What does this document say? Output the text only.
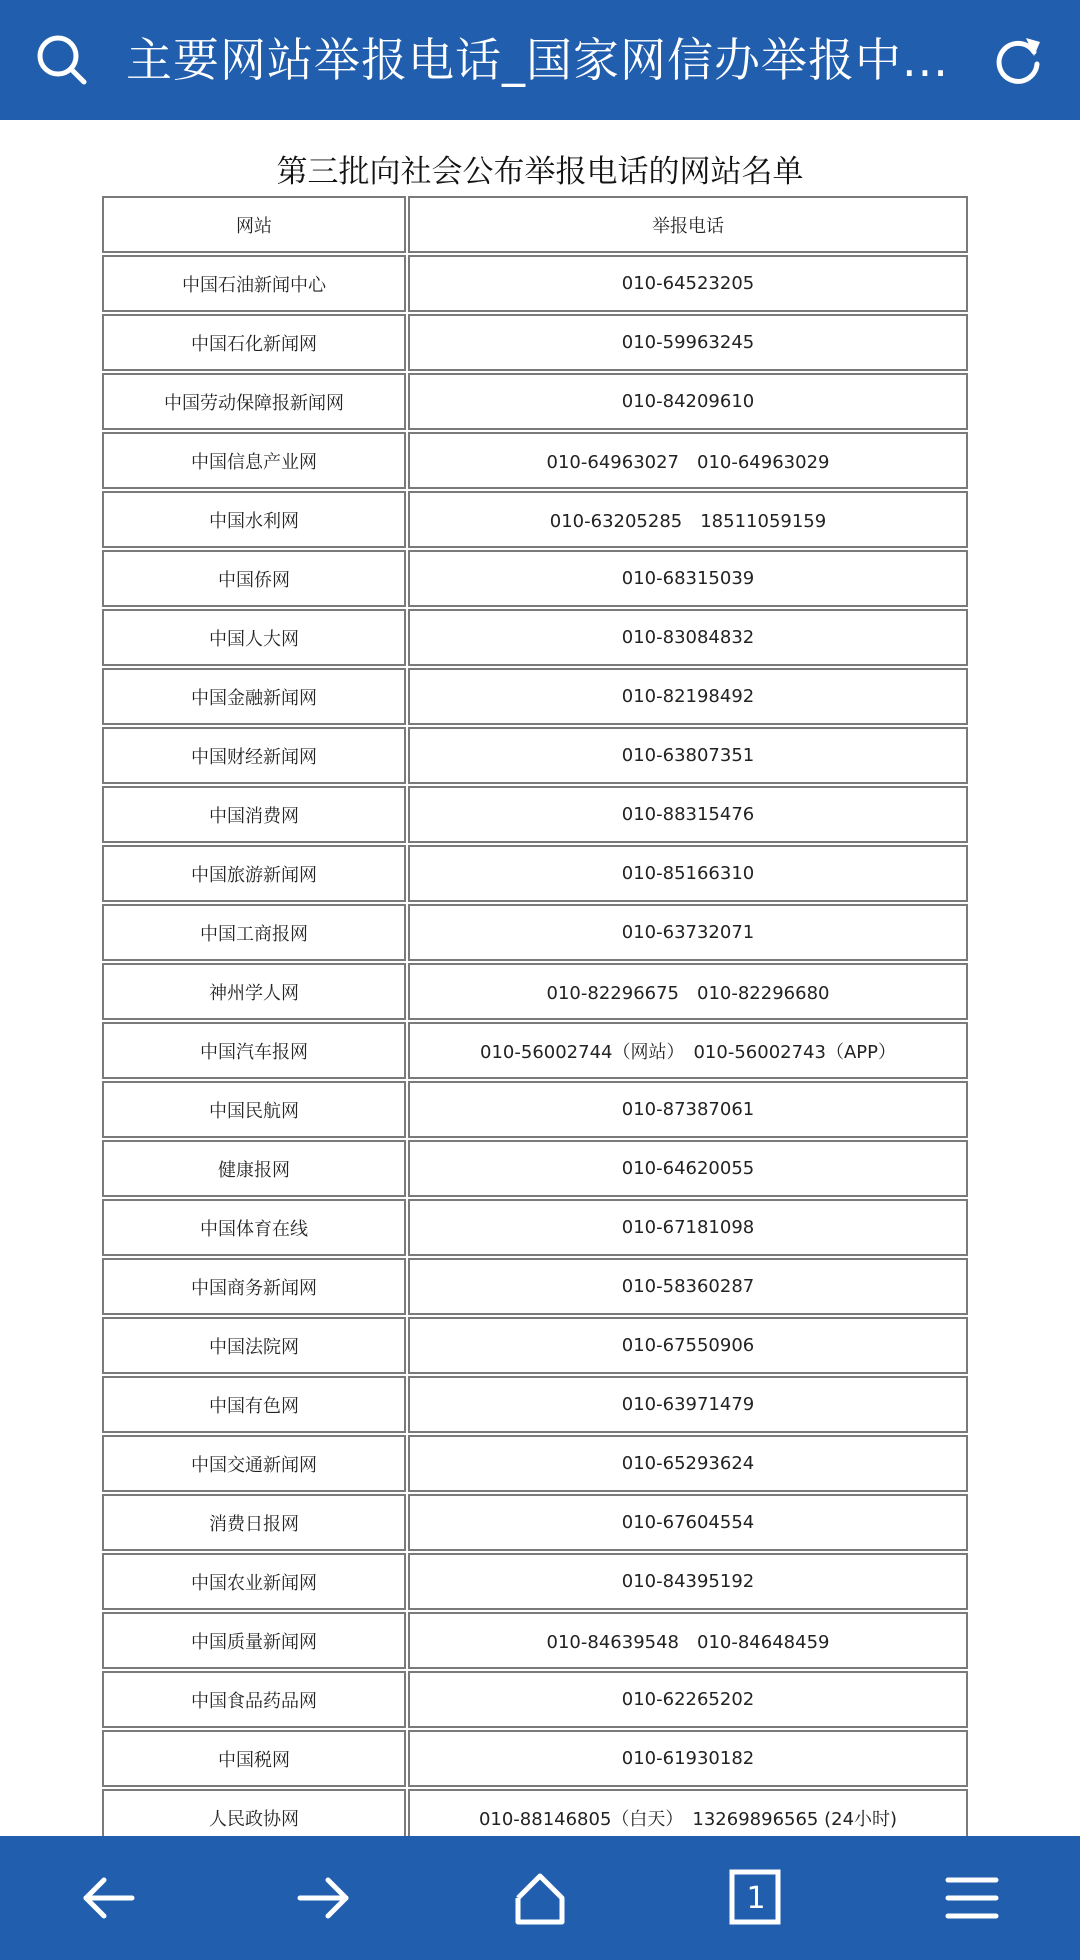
主要网站举报电话_国家网信办举报中...
第三批向社会公布举报电话的网站名单
网站	举报电话
中国石油新闻中心	010-64523205
中国石化新闻网	010-59963245
中国劳动保障报新闻网	010-84209610
中国信息产业网	010-64963027　010-64963029
中国水利网	010-63205285　18511059159
中国侨网	010-68315039
中国人大网	010-83084832
中国金融新闻网	010-82198492
中国财经新闻网	010-63807351
中国消费网	010-88315476
中国旅游新闻网	010-85166310
中国工商报网	010-63732071
神州学人网	010-82296675　010-82296680
中国汽车报网	010-56002744（网站）　010-56002743（APP）
中国民航网	010-87387061
健康报网	010-64620055
中国体育在线	010-67181098
中国商务新闻网	010-58360287
中国法院网	010-67550906
中国有色网	010-63971479
中国交通新闻网	010-65293624
消费日报网	010-67604554
中国农业新闻网	010-84395192
中国质量新闻网	010-84639548　010-84648459
中国食品药品网	010-62265202
中国税网	010-61930182
人民政协网	010-88146805（白天）　13269896565 (24小时)

1
